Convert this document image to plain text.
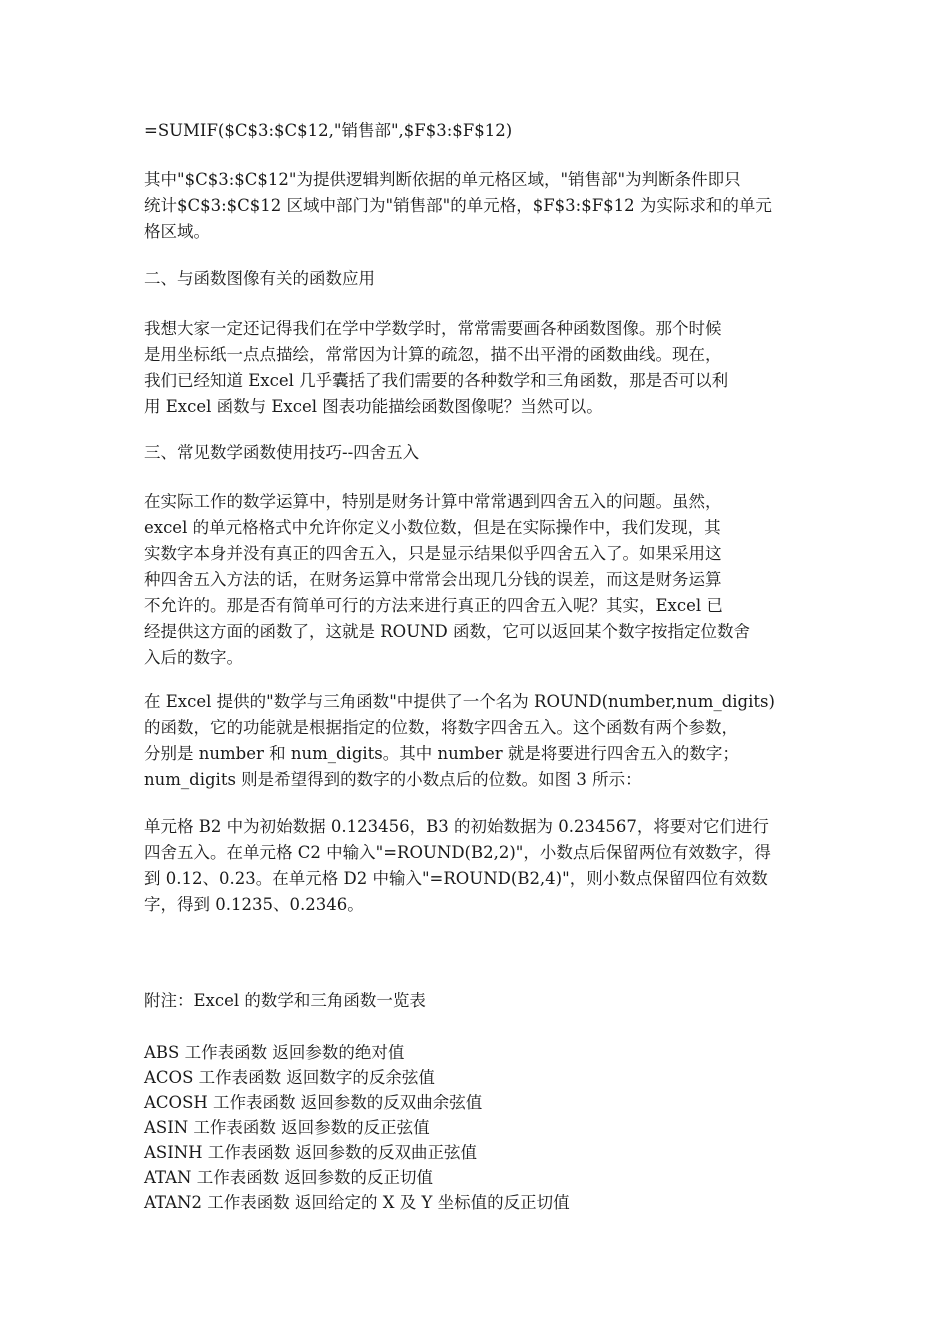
=SUMIF($C$3:$C$12,"销售部",$F$3:$F$12)

其中"$C$3:$C$12"为提供逻辑判断依据的单元格区域，"销售部"为判断条件即只
统计$C$3:$C$12 区域中部门为"销售部"的单元格，$F$3:$F$12 为实际求和的单元
格区域。

二、与函数图像有关的函数应用

我想大家一定还记得我们在学中学数学时，常常需要画各种函数图像。那个时候
是用坐标纸一点点描绘，常常因为计算的疏忽，描不出平滑的函数曲线。现在，
我们已经知道 Excel 几乎囊括了我们需要的各种数学和三角函数，那是否可以利
用 Excel 函数与 Excel 图表功能描绘函数图像呢？当然可以。

三、常见数学函数使用技巧--四舍五入

在实际工作的数学运算中，特别是财务计算中常常遇到四舍五入的问题。虽然，
excel 的单元格格式中允许你定义小数位数，但是在实际操作中，我们发现，其
实数字本身并没有真正的四舍五入，只是显示结果似乎四舍五入了。如果采用这
种四舍五入方法的话，在财务运算中常常会出现几分钱的误差，而这是财务运算
不允许的。那是否有简单可行的方法来进行真正的四舍五入呢？其实，Excel 已
经提供这方面的函数了，这就是 ROUND 函数，它可以返回某个数字按指定位数舍
入后的数字。

在 Excel 提供的"数学与三角函数"中提供了一个名为 ROUND(number,num_digits)
的函数，它的功能就是根据指定的位数，将数字四舍五入。这个函数有两个参数，
分别是 number 和 num_digits。其中 number 就是将要进行四舍五入的数字；
num_digits 则是希望得到的数字的小数点后的位数。如图 3 所示：

单元格 B2 中为初始数据 0.123456，B3 的初始数据为 0.234567，将要对它们进行
四舍五入。在单元格 C2 中输入"=ROUND(B2,2)"，小数点后保留两位有效数字，得
到 0.12、0.23。在单元格 D2 中输入"=ROUND(B2,4)"，则小数点保留四位有效数
字，得到 0.1235、0.2346。

附注：Excel 的数学和三角函数一览表

ABS 工作表函数 返回参数的绝对值
ACOS 工作表函数 返回数字的反余弦值
ACOSH 工作表函数 返回参数的反双曲余弦值
ASIN 工作表函数 返回参数的反正弦值
ASINH 工作表函数 返回参数的反双曲正弦值
ATAN 工作表函数 返回参数的反正切值
ATAN2 工作表函数 返回给定的 X 及 Y 坐标值的反正切值
